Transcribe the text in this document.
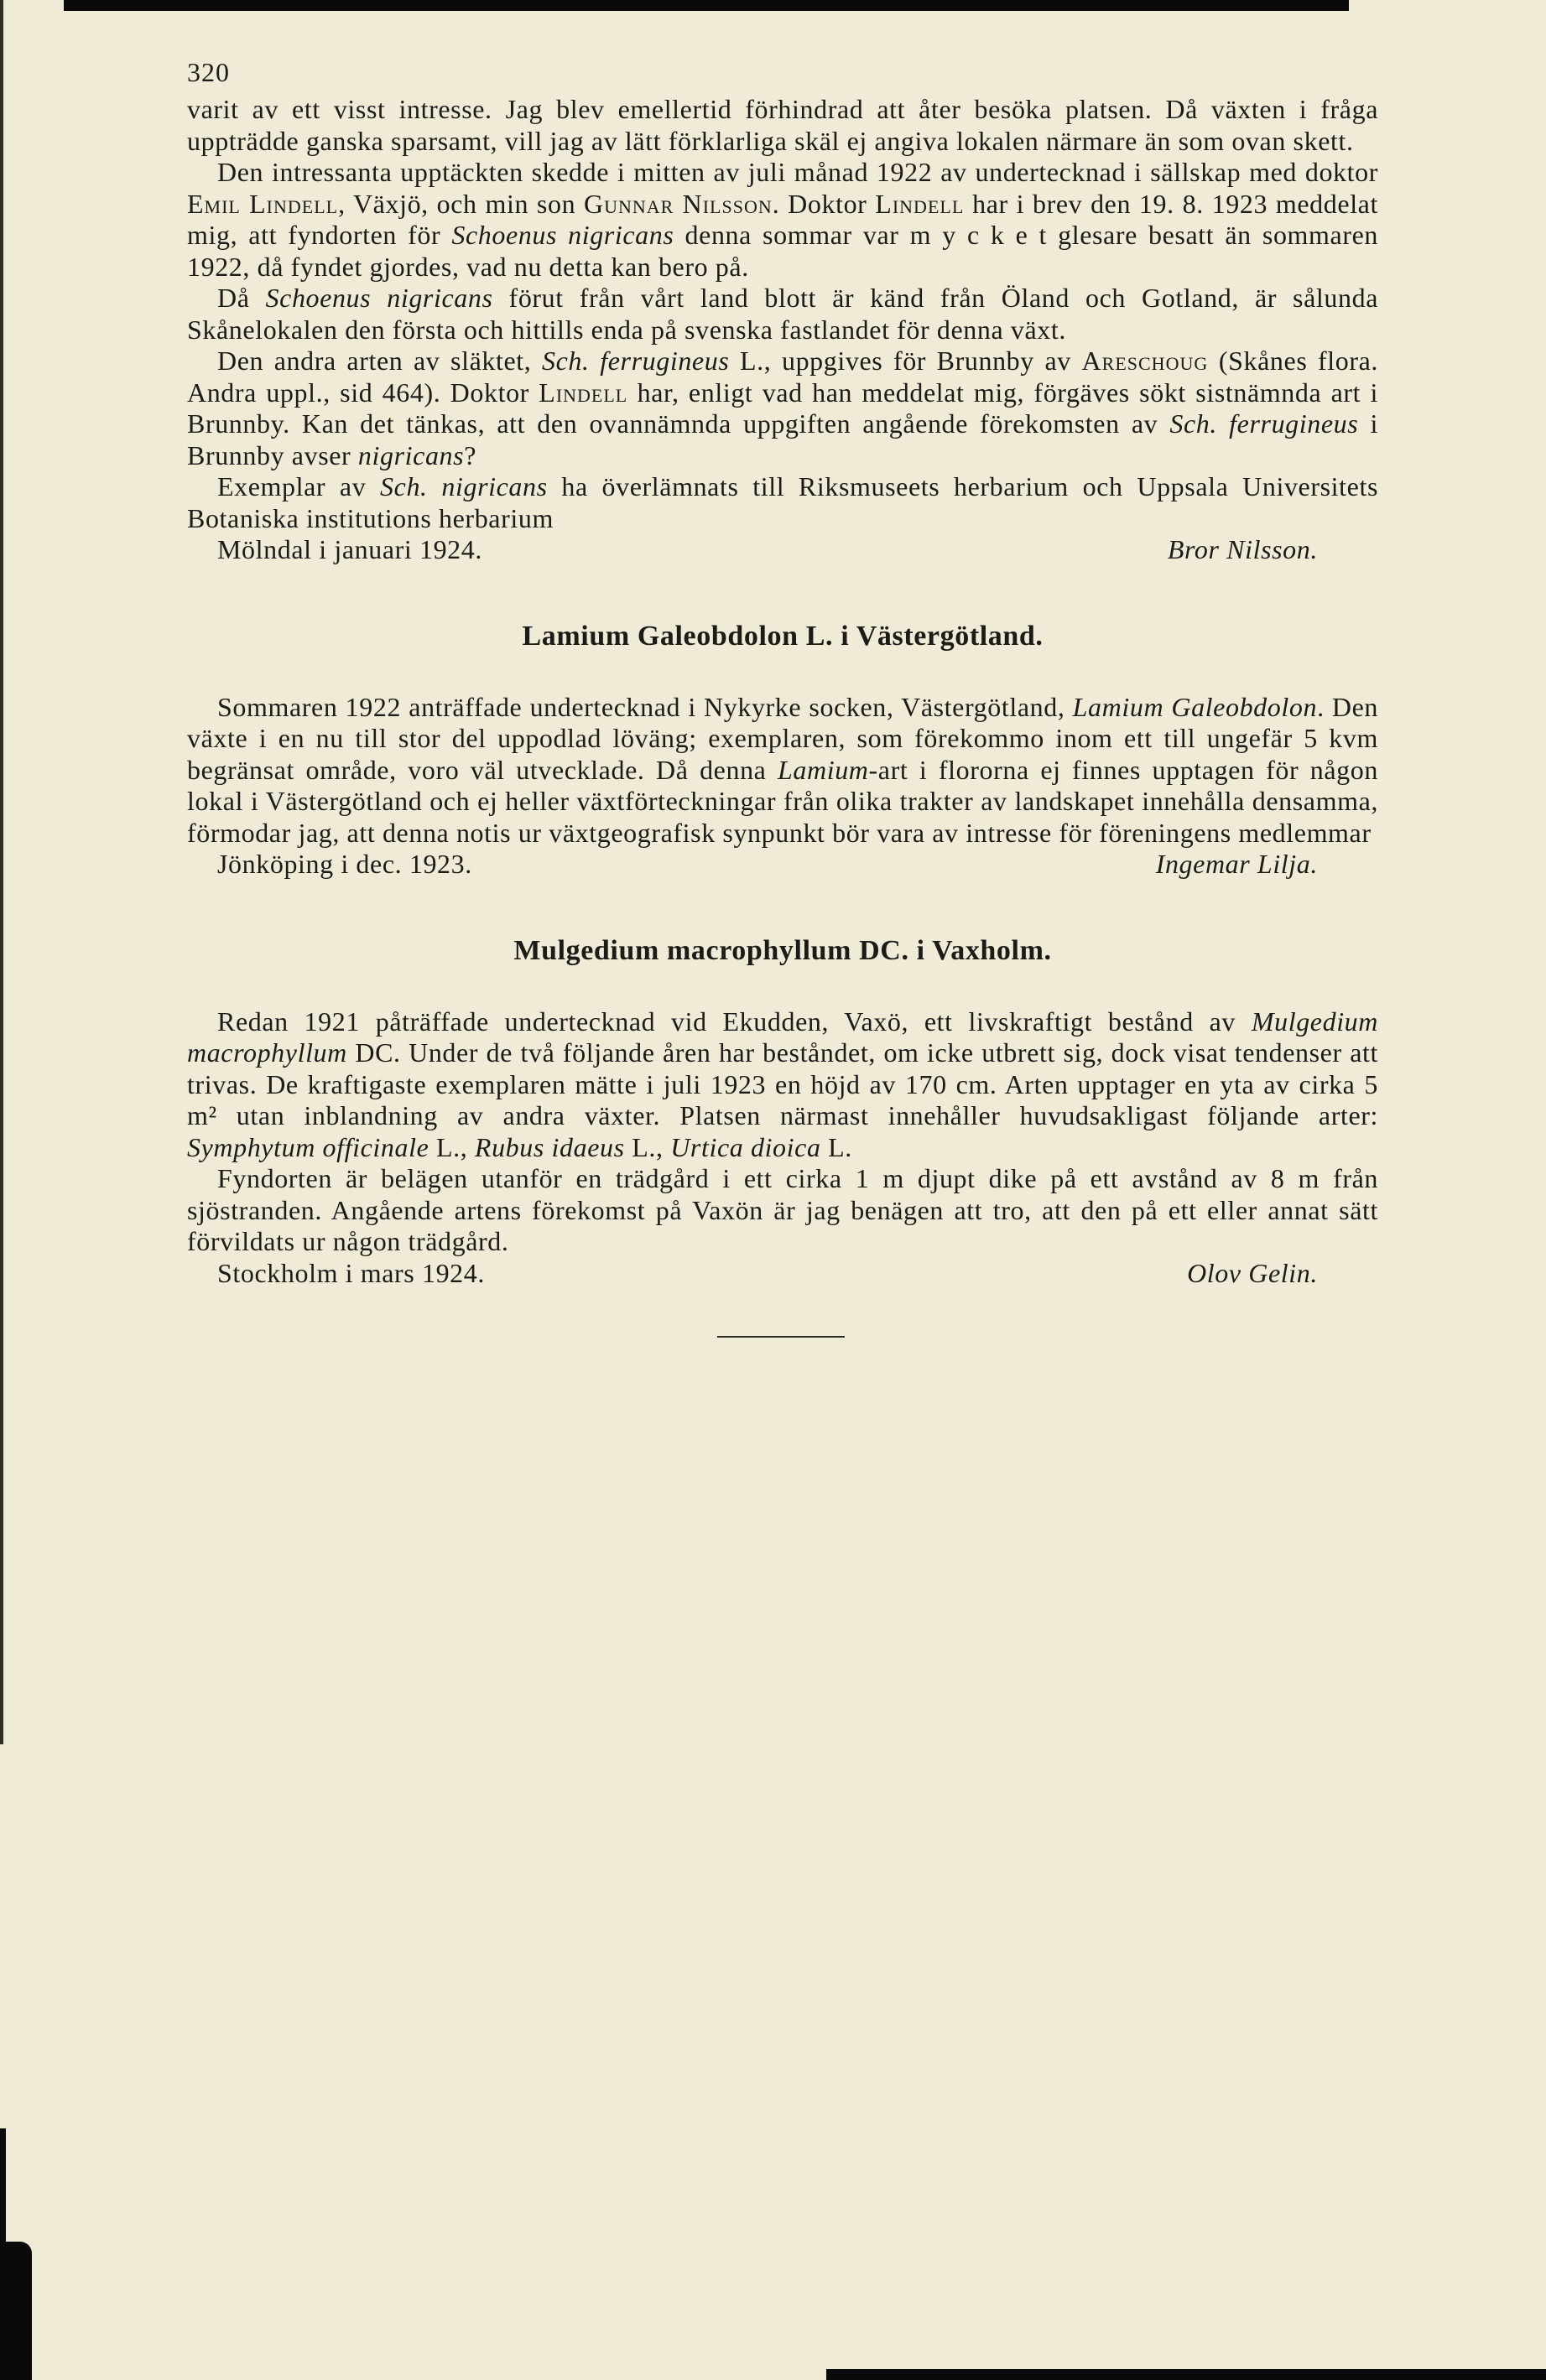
320

varit av ett visst intresse. Jag blev emellertid förhindrad att åter besöka platsen. Då växten i fråga uppträdde ganska sparsamt, vill jag av lätt förklarliga skäl ej angiva lokalen närmare än som ovan skett.

Den intressanta upptäckten skedde i mitten av juli månad 1922 av undertecknad i sällskap med doktor Emil Lindell, Växjö, och min son Gunnar Nilsson. Doktor Lindell har i brev den 19. 8. 1923 meddelat mig, att fyndorten för Schoenus nigricans denna sommar var m y c k e t glesare besatt än sommaren 1922, då fyndet gjordes, vad nu detta kan bero på.

Då Schoenus nigricans förut från vårt land blott är känd från Öland och Gotland, är sålunda Skånelokalen den första och hittills enda på svenska fastlandet för denna växt.

Den andra arten av släktet, Sch. ferrugineus L., uppgives för Brunnby av Areschoug (Skånes flora. Andra uppl., sid 464). Doktor Lindell har, enligt vad han meddelat mig, förgäves sökt sistnämnda art i Brunnby. Kan det tänkas, att den ovannämnda uppgiften angående förekomsten av Sch. ferrugineus i Brunnby avser nigricans?

Exemplar av Sch. nigricans ha överlämnats till Riksmuseets herbarium och Uppsala Universitets Botaniska institutions herbarium

Mölndal i januari 1924.	Bror Nilsson.
Lamium Galeobdolon L. i Västergötland.

Sommaren 1922 anträffade undertecknad i Nykyrke socken, Västergötland, Lamium Galeobdolon. Den växte i en nu till stor del uppodlad löväng; exemplaren, som förekommo inom ett till ungefär 5 kvm begränsat område, voro väl utvecklade. Då denna Lamium-art i flororna ej finnes upptagen för någon lokal i Västergötland och ej heller växtförteckningar från olika trakter av landskapet innehålla densamma, förmodar jag, att denna notis ur växtgeografisk synpunkt bör vara av intresse för föreningens medlemmar

Jönköping i dec. 1923.	Ingemar Lilja.
Mulgedium macrophyllum DC. i Vaxholm.

Redan 1921 påträffade undertecknad vid Ekudden, Vaxö, ett livskraftigt bestånd av Mulgedium macrophyllum DC. Under de två följande åren har beståndet, om icke utbrett sig, dock visat tendenser att trivas. De kraftigaste exemplaren mätte i juli 1923 en höjd av 170 cm. Arten upptager en yta av cirka 5 m² utan inblandning av andra växter. Platsen närmast innehåller huvudsakligast följande arter: Symphytum officinale L., Rubus idaeus L., Urtica dioica L.

Fyndorten är belägen utanför en trädgård i ett cirka 1 m djupt dike på ett avstånd av 8 m från sjöstranden. Angående artens förekomst på Vaxön är jag benägen att tro, att den på ett eller annat sätt förvildats ur någon trädgård.

Stockholm i mars 1924.	Olov Gelin.
